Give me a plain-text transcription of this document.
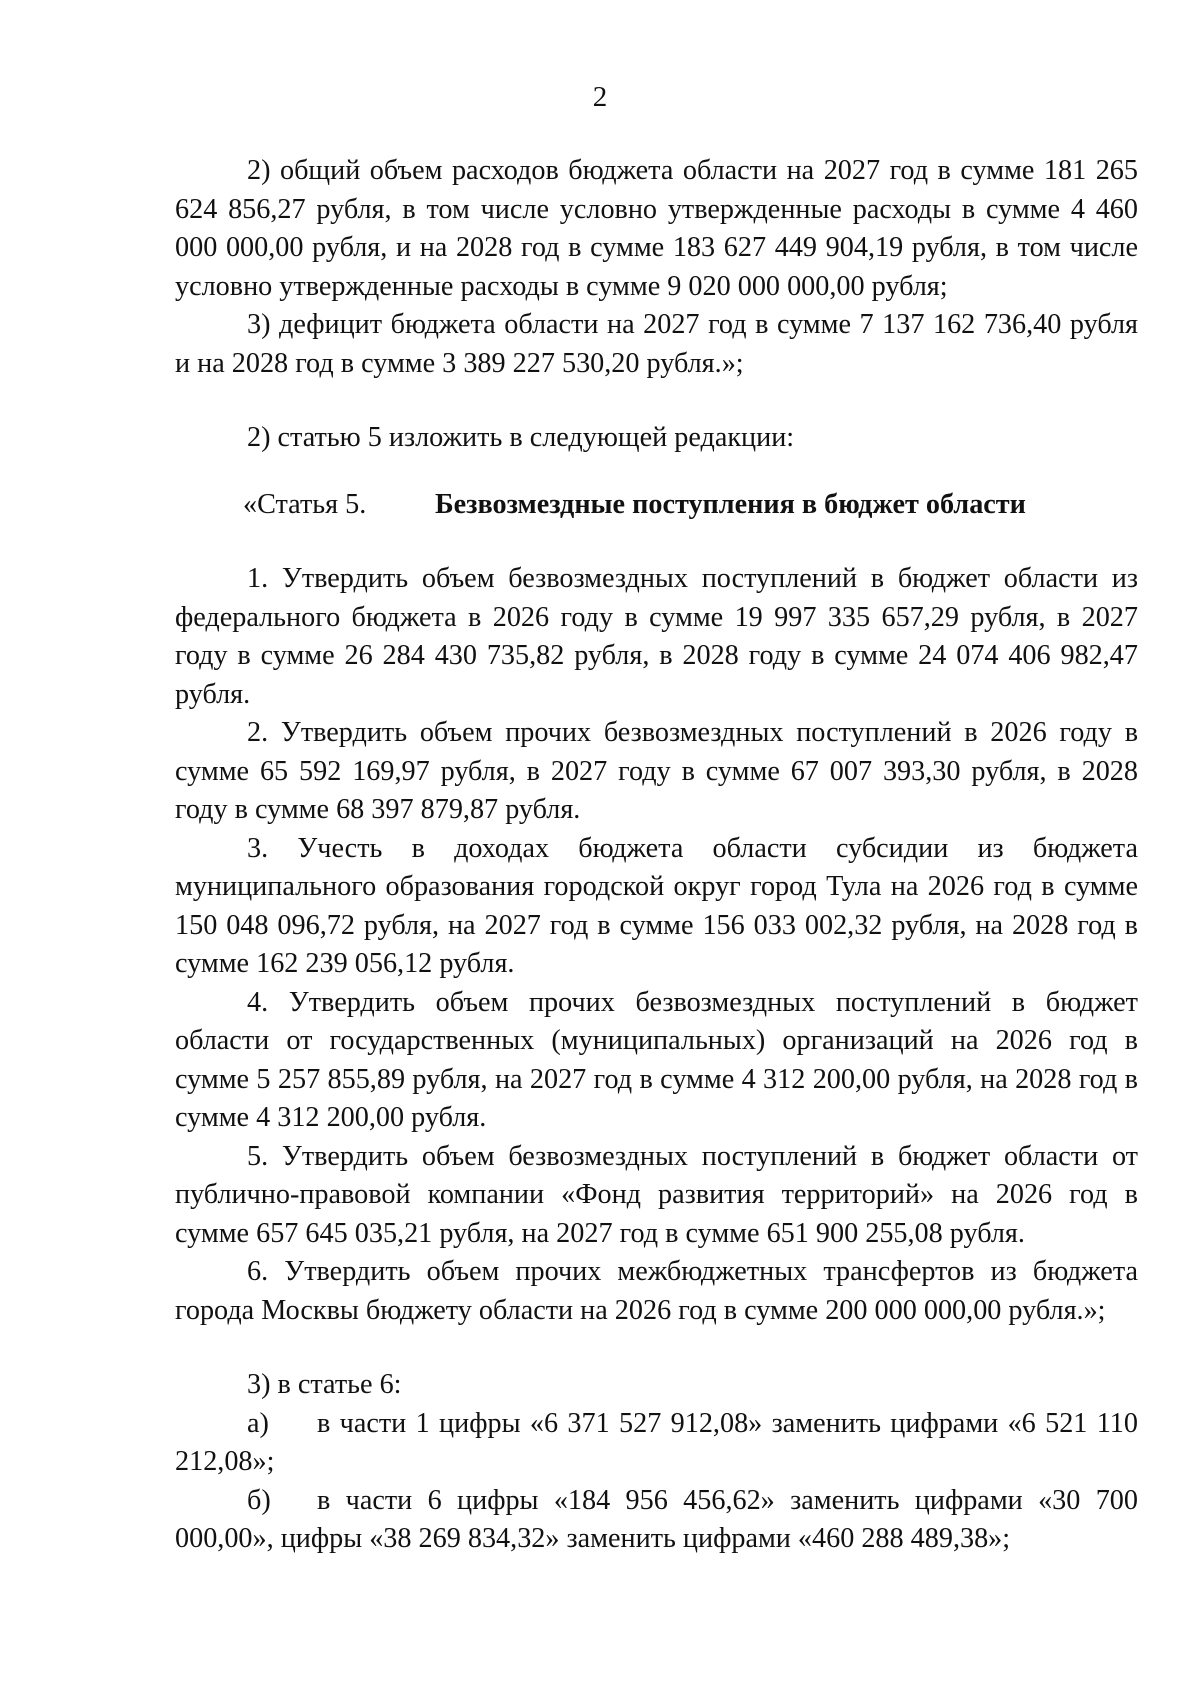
2

2) общий объем расходов бюджета области на 2027 год в сумме 181 265 624 856,27 рубля, в том числе условно утвержденные расходы в сумме 4 460 000 000,00 рубля, и на 2028 год в сумме 183 627 449 904,19 рубля, в том числе условно утвержденные расходы в сумме 9 020 000 000,00 рубля;

3) дефицит бюджета области на 2027 год в сумме 7 137 162 736,40 рубля и на 2028 год в сумме 3 389 227 530,20 рубля.»;

2) статью 5 изложить в следующей редакции:

«Статья 5.	Безвозмездные поступления в бюджет области

1. Утвердить объем безвозмездных поступлений в бюджет области из федерального бюджета в 2026 году в сумме 19 997 335 657,29 рубля, в 2027 году в сумме 26 284 430 735,82 рубля, в 2028 году в сумме 24 074 406 982,47 рубля.

2. Утвердить объем прочих безвозмездных поступлений в 2026 году в сумме 65 592 169,97 рубля, в 2027 году в сумме 67 007 393,30 рубля, в 2028 году в сумме 68 397 879,87 рубля.

3. Учесть в доходах бюджета области субсидии из бюджета муниципального образования городской округ город Тула на 2026 год в сумме 150 048 096,72 рубля, на 2027 год в сумме 156 033 002,32 рубля, на 2028 год в сумме 162 239 056,12 рубля.

4. Утвердить объем прочих безвозмездных поступлений в бюджет области от государственных (муниципальных) организаций на 2026 год в сумме 5 257 855,89 рубля, на 2027 год в сумме 4 312 200,00 рубля, на 2028 год в сумме 4 312 200,00 рубля.

5. Утвердить объем безвозмездных поступлений в бюджет области от публично-правовой компании «Фонд развития территорий» на 2026 год в сумме 657 645 035,21 рубля, на 2027 год в сумме 651 900 255,08 рубля.

6. Утвердить объем прочих межбюджетных трансфертов из бюджета города Москвы бюджету области на 2026 год в сумме 200 000 000,00 рубля.»;

3) в статье 6:

а) в части 1 цифры «6 371 527 912,08» заменить цифрами «6 521 110 212,08»;

б) в части 6 цифры «184 956 456,62» заменить цифрами «30 700 000,00», цифры «38 269 834,32» заменить цифрами «460 288 489,38»;
